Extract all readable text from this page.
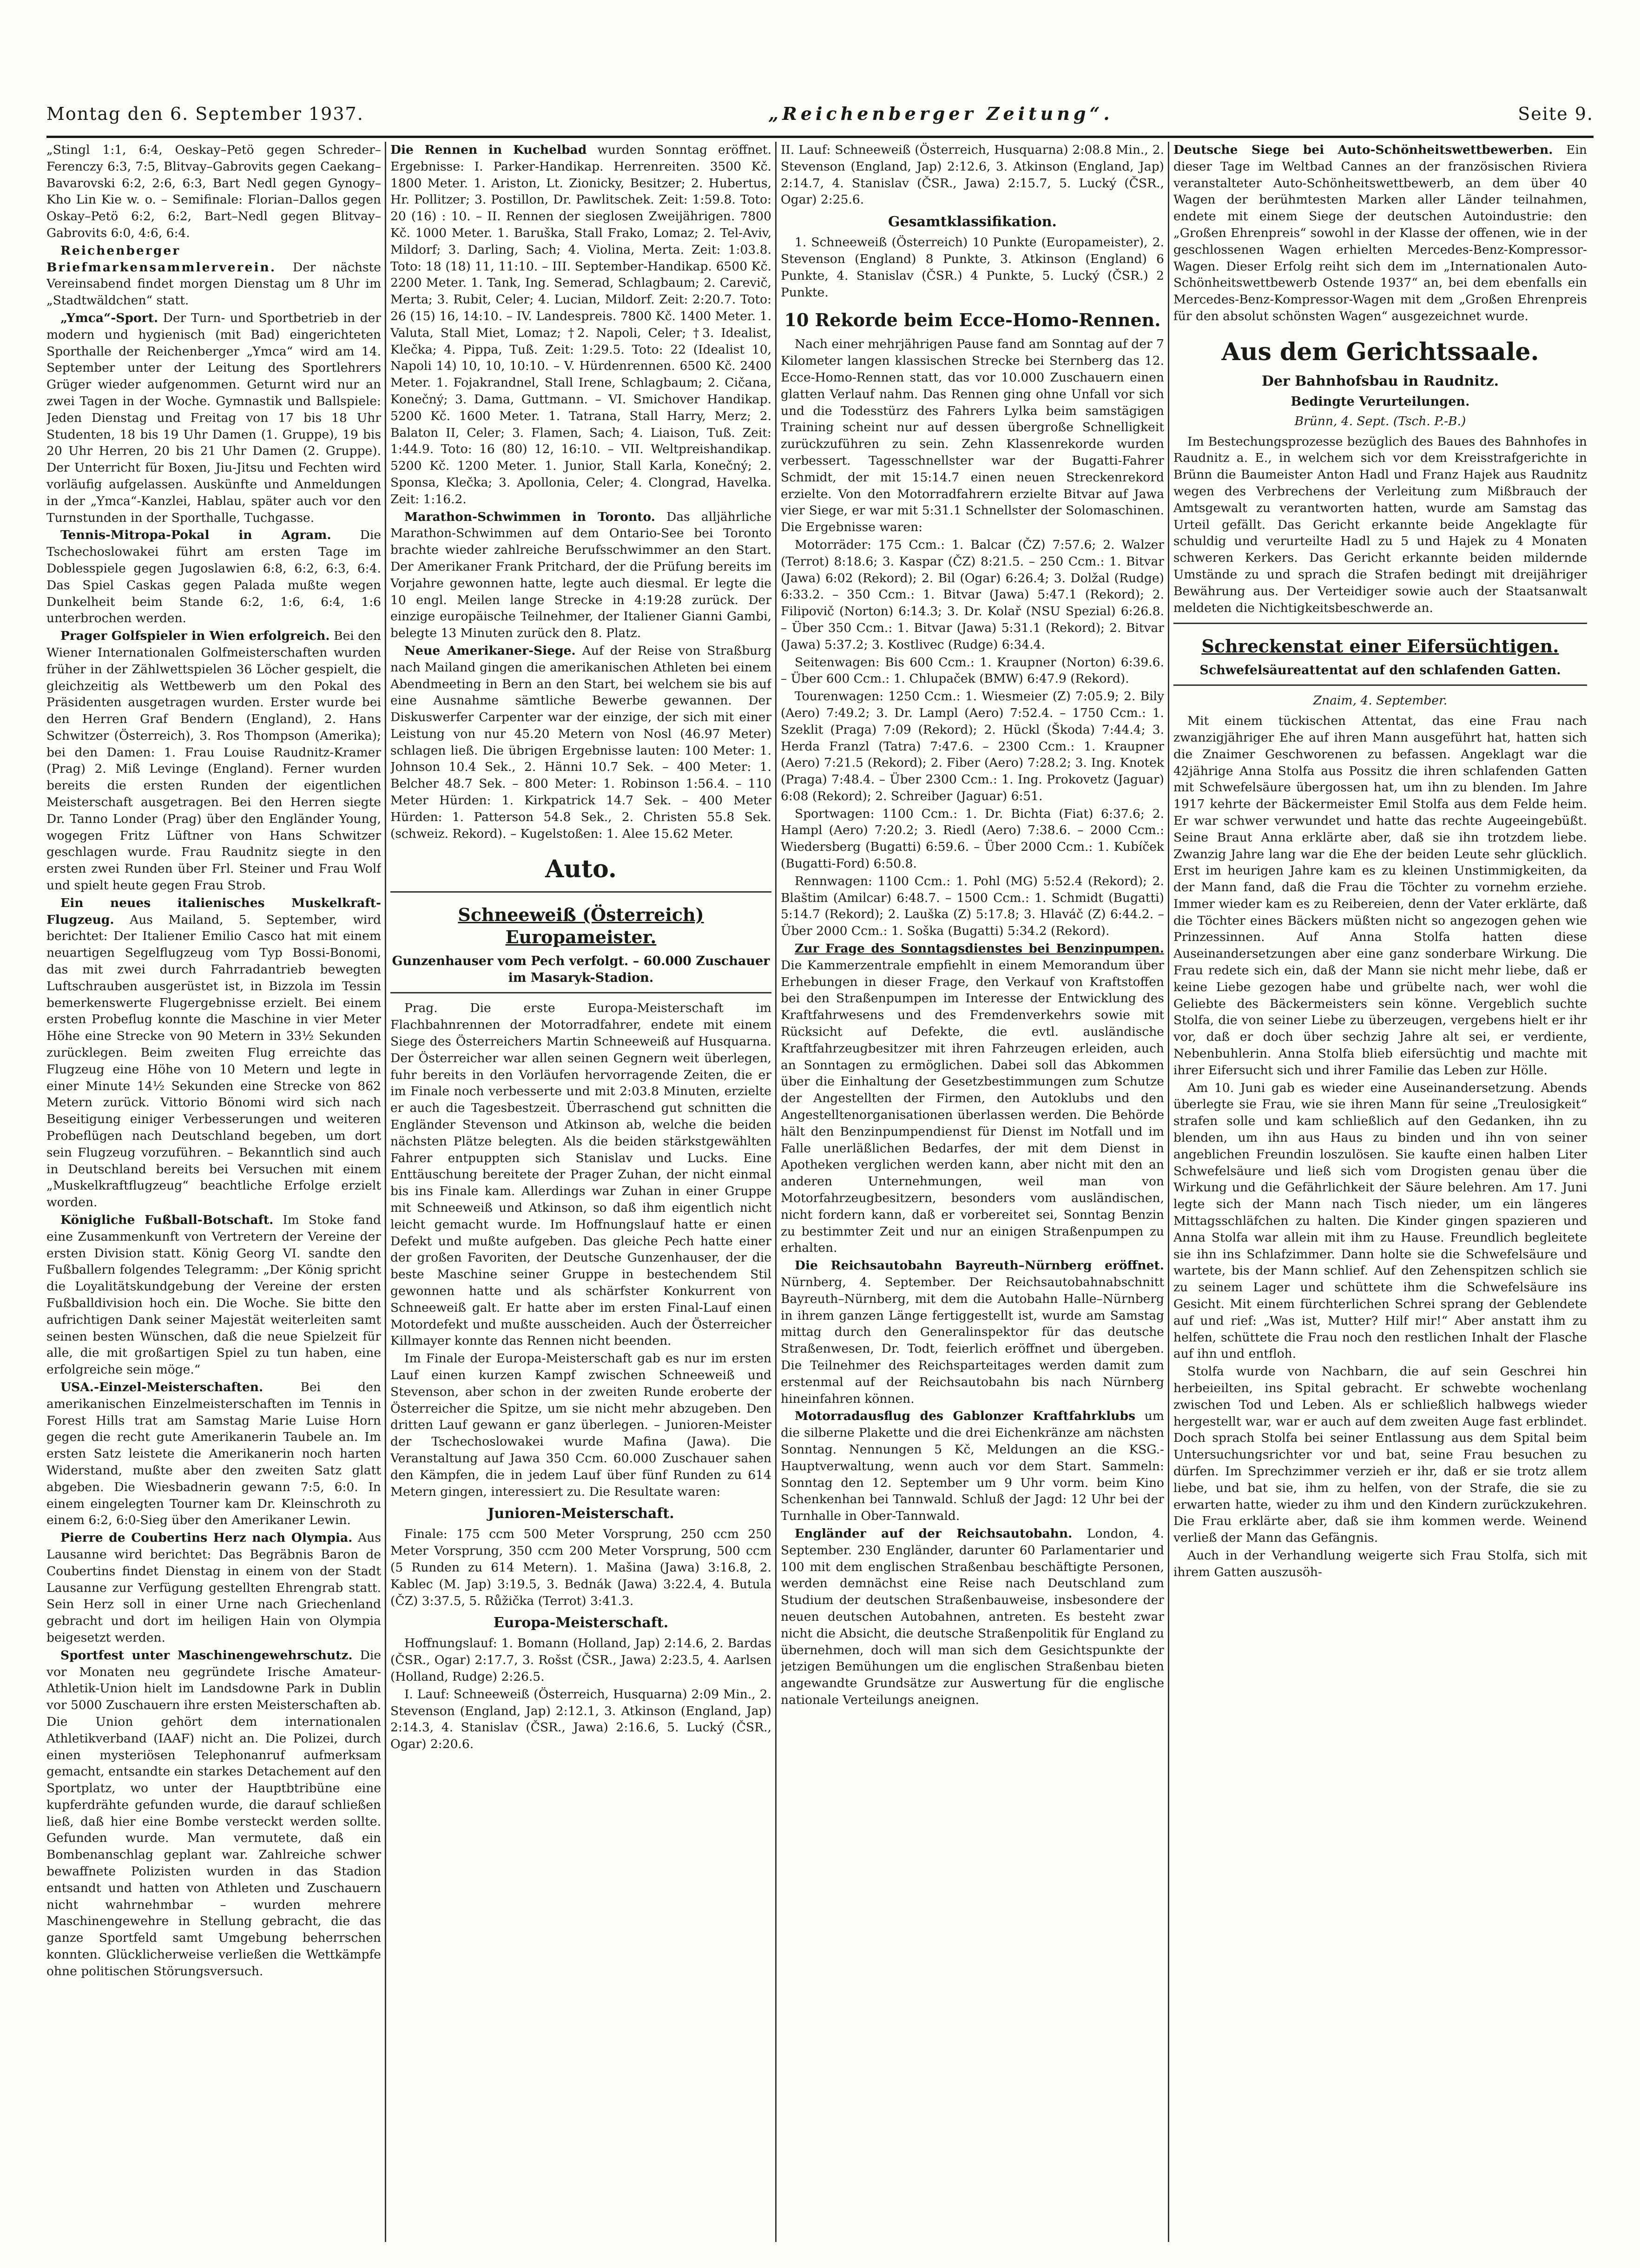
Montag den 6. September 1937.	„Reichenberger Zeitung“.	Seite 9.

„Stingl 1:1, 6:4, Oeskay–Petö gegen Schreder–Ferenczy 6:3, 7:5, Blitvay–Gabrovits gegen Caekang–Bavarovski 6:2, 2:6, 6:3, Bart Nedl gegen Gynogy–Kho Lin Kie w. o. – Semifinale: Florian–Dallos gegen Oskay–Petö 6:2, 6:2, Bart–Nedl gegen Blitvay–Gabrovits 6:0, 4:6, 6:4.

Reichenberger Briefmarkensammlerverein. Der nächste Vereinsabend findet morgen Dienstag um 8 Uhr im „Stadtwäldchen“ statt.

„Ymca“-Sport. Der Turn- und Sportbetrieb in der modern und hygienisch (mit Bad) eingerichteten Sporthalle der Reichenberger „Ymca“ wird am 14. September unter der Leitung des Sportlehrers Grüger wieder aufgenommen. Geturnt wird nur an zwei Tagen in der Woche. Gymnastik und Ballspiele: Jeden Dienstag und Freitag von 17 bis 18 Uhr Studenten, 18 bis 19 Uhr Damen (1. Gruppe), 19 bis 20 Uhr Herren, 20 bis 21 Uhr Damen (2. Gruppe). Der Unterricht für Boxen, Jiu-Jitsu und Fechten wird vorläufig aufgelassen. Auskünfte und Anmeldungen in der „Ymca“-Kanzlei, Hablau, später auch vor den Turnstunden in der Sporthalle, Tuchgasse.

Tennis-Mitropa-Pokal in Agram. Die Tschechoslowakei führt am ersten Tage im Doblesspiele gegen Jugoslawien 6:8, 6:2, 6:3, 6:4. Das Spiel Caskas gegen Palada mußte wegen Dunkelheit beim Stande 6:2, 1:6, 6:4, 1:6 unterbrochen werden.

Prager Golfspieler in Wien erfolgreich. Bei den Wiener Internationalen Golfmeisterschaften wurden früher in der Zählwettspielen 36 Löcher gespielt, die gleichzeitig als Wettbewerb um den Pokal des Präsidenten ausgetragen wurden. Erster wurde bei den Herren Graf Bendern (England), 2. Hans Schwitzer (Österreich), 3. Ros Thompson (Amerika); bei den Damen: 1. Frau Louise Raudnitz-Kramer (Prag) 2. Miß Levinge (England). Ferner wurden bereits die ersten Runden der eigentlichen Meisterschaft ausgetragen. Bei den Herren siegte Dr. Tanno Londer (Prag) über den Engländer Young, wogegen Fritz Lüftner von Hans Schwitzer geschlagen wurde. Frau Raudnitz siegte in den ersten zwei Runden über Frl. Steiner und Frau Wolf und spielt heute gegen Frau Strob.

Ein neues italienisches Muskelkraft-Flugzeug. Aus Mailand, 5. September, wird berichtet: Der Italiener Emilio Casco hat mit einem neuartigen Segelflugzeug vom Typ Bossi-Bonomi, das mit zwei durch Fahrradantrieb bewegten Luftschrauben ausgerüstet ist, in Bizzola im Tessin bemerkenswerte Flugergebnisse erzielt. Bei einem ersten Probeflug konnte die Maschine in vier Meter Höhe eine Strecke von 90 Metern in 33½ Sekunden zurücklegen. Beim zweiten Flug erreichte das Flugzeug eine Höhe von 10 Metern und legte in einer Minute 14½ Sekunden eine Strecke von 862 Metern zurück. Vittorio Bönomi wird sich nach Beseitigung einiger Verbesserungen und weiteren Probeflügen nach Deutschland begeben, um dort sein Flugzeug vorzuführen. – Bekanntlich sind auch in Deutschland bereits bei Versuchen mit einem „Muskelkraftflugzeug“ beachtliche Erfolge erzielt worden.

Königliche Fußball-Botschaft. Im Stoke fand eine Zusammenkunft von Vertretern der Vereine der ersten Division statt. König Georg VI. sandte den Fußballern folgendes Telegramm: „Der König spricht die Loyalitätskundgebung der Vereine der ersten Fußballdivision hoch ein. Die Woche. Sie bitte den aufrichtigen Dank seiner Majestät weiterleiten samt seinen besten Wünschen, daß die neue Spielzeit für alle, die mit großartigen Spiel zu tun haben, eine erfolgreiche sein möge.“

USA.-Einzel-Meisterschaften.	Bei den amerikanischen Einzelmeisterschaften im Tennis in Forest Hills trat am Samstag Marie Luise Horn gegen die recht gute Amerikanerin Taubele an. Im ersten Satz leistete die Amerikanerin noch harten Widerstand, mußte aber den zweiten Satz glatt abgeben. Die Wiesbadnerin gewann 7:5, 6:0. In einem eingelegten Tourner kam Dr. Kleinschroth zu einem 6:2, 6:0-Sieg über den Amerikaner Lewin.

Pierre de Coubertins Herz nach Olympia. Aus Lausanne wird berichtet: Das Begräbnis Baron de Coubertins findet Dienstag in einem von der Stadt Lausanne zur Verfügung gestellten Ehrengrab statt. Sein Herz soll in einer Urne nach Griechenland gebracht und dort im heiligen Hain von Olympia beigesetzt werden.

Sportfest unter Maschinengewehrschutz. Die vor Monaten neu gegründete Irische Amateur-Athletik-Union hielt im Landsdowne Park in Dublin vor 5000 Zuschauern ihre ersten Meisterschaften ab. Die Union gehört dem internationalen Athletikverband (IAAF) nicht an. Die Polizei, durch einen mysteriösen Telephonanruf aufmerksam gemacht, entsandte ein starkes Detachement auf den Sportplatz, wo unter der Hauptbtribüne eine kupferdrähte gefunden wurde, die darauf schließen ließ, daß hier eine Bombe versteckt werden sollte. Gefunden wurde. Man vermutete, daß ein Bombenanschlag geplant war. Zahlreiche schwer bewaffnete Polizisten wurden in das Stadion entsandt und hatten von Athleten und Zuschauern nicht wahrnehmbar – wurden mehrere Maschinengewehre in Stellung gebracht, die das ganze Sportfeld samt Umgebung beherrschen konnten. Glücklicherweise verließen die Wettkämpfe ohne politischen Störungsversuch.

Die Rennen in Kuchelbad wurden Sonntag eröffnet. Ergebnisse: I. Parker-Handikap. Herrenreiten. 3500 Kč. 1800 Meter. 1. Ariston, Lt. Zionicky, Besitzer; 2. Hubertus, Hr. Pollitzer; 3. Postillon, Dr. Pawlitschek. Zeit: 1:59.8. Toto: 20 (16) : 10. – II. Rennen der sieglosen Zweijährigen. 7800 Kč. 1000 Meter. 1. Baruška, Stall Frako, Lomaz; 2. Tel-Aviv, Mildorf; 3. Darling, Sach; 4. Violina, Merta. Zeit: 1:03.8. Toto: 18 (18) 11, 11:10. – III. September-Handikap. 6500 Kč. 2200 Meter. 1. Tank, Ing. Semerad, Schlagbaum; 2. Carevič, Merta; 3. Rubit, Celer; 4. Lucian, Mildorf. Zeit: 2:20.7. Toto: 26 (15) 16, 14:10. – IV. Landespreis. 7800 Kč. 1400 Meter. 1. Valuta, Stall Miet, Lomaz; †2. Napoli, Celer; †3. Idealist, Klečka; 4. Pippa, Tuß. Zeit: 1:29.5. Toto: 22 (Idealist 10, Napoli 14) 10, 10, 10:10. – V. Hürdenrennen. 6500 Kč. 2400 Meter. 1. Fojakrandnel, Stall Irene, Schlagbaum; 2. Cičana, Konečný; 3. Dama, Guttmann. – VI. Smichover Handikap. 5200 Kč. 1600 Meter. 1. Tatrana, Stall Harry, Merz; 2. Balaton II, Celer; 3. Flamen, Sach; 4. Liaison, Tuß. Zeit: 1:44.9. Toto: 16 (80) 12, 16:10. – VII. Weltpreishandikap. 5200 Kč. 1200 Meter. 1. Junior, Stall Karla, Konečný; 2. Sponsa, Klečka; 3. Apollonia, Celer; 4. Clongrad, Havelka. Zeit: 1:16.2.

Marathon-Schwimmen in Toronto. Das alljährliche Marathon-Schwimmen auf dem Ontario-See bei Toronto brachte wieder zahlreiche Berufsschwimmer an den Start. Der Amerikaner Frank Pritchard, der die Prüfung bereits im Vorjahre gewonnen hatte, legte auch diesmal. Er legte die 10 engl. Meilen lange Strecke in 4:19:28 zurück. Der einzige europäische Teilnehmer, der Italiener Gianni Gambi, belegte 13 Minuten zurück den 8. Platz.

Neue Amerikaner-Siege. Auf der Reise von Straßburg nach Mailand gingen die amerikanischen Athleten bei einem Abendmeeting in Bern an den Start, bei welchem sie bis auf eine Ausnahme sämtliche Bewerbe gewannen. Der Diskuswerfer Carpenter war der einzige, der sich mit einer Leistung von nur 45.20 Metern von Nosl (46.97 Meter) schlagen ließ. Die übrigen Ergebnisse lauten: 100 Meter: 1. Johnson 10.4 Sek., 2. Hänni 10.7 Sek. – 400 Meter: 1. Belcher 48.7 Sek. – 800 Meter: 1. Robinson 1:56.4. – 110 Meter Hürden: 1. Kirkpatrick 14.7 Sek. – 400 Meter Hürden: 1. Patterson 54.8 Sek., 2. Christen 55.8 Sek. (schweiz. Rekord). – Kugelstoßen: 1. Alee 15.62 Meter.

Auto.
Schneeweiß (Österreich) Europameister.
Gunzenhauser vom Pech verfolgt. – 60.000 Zuschauer im Masaryk-Stadion.

Prag. Die erste Europa-Meisterschaft im Flachbahnrennen der Motorradfahrer, endete mit einem Siege des Österreichers Martin Schneeweiß auf Husquarna. Der Österreicher war allen seinen Gegnern weit überlegen, fuhr bereits in den Vorläufen hervorragende Zeiten, die er im Finale noch verbesserte und mit 2:03.8 Minuten, erzielte er auch die Tagesbestzeit. Überraschend gut schnitten die Engländer Stevenson und Atkinson ab, welche die beiden nächsten Plätze belegten. Als die beiden stärkstgewählten Fahrer entpuppten sich Stanislav und Lucks. Eine Enttäuschung bereitete der Prager Zuhan, der nicht einmal bis ins Finale kam. Allerdings war Zuhan in einer Gruppe mit Schneeweiß und Atkinson, so daß ihm eigentlich nicht leicht gemacht wurde. Im Hoffnungslauf hatte er einen Defekt und mußte aufgeben. Das gleiche Pech hatte einer der großen Favoriten, der Deutsche Gunzenhauser, der die beste Maschine seiner Gruppe in bestechendem Stil gewonnen hatte und als schärfster Konkurrent von Schneeweiß galt. Er hatte aber im ersten Final-Lauf einen Motordefekt und mußte ausscheiden. Auch der Österreicher Killmayer konnte das Rennen nicht beenden.

Im Finale der Europa-Meisterschaft gab es nur im ersten Lauf einen kurzen Kampf zwischen Schneeweiß und Stevenson, aber schon in der zweiten Runde eroberte der Österreicher die Spitze, um sie nicht mehr abzugeben. Den dritten Lauf gewann er ganz überlegen. – Junioren-Meister der Tschechoslowakei wurde Mafina (Jawa). Die Veranstaltung auf Jawa 350 Ccm. 60.000 Zuschauer sahen den Kämpfen, die in jedem Lauf über fünf Runden zu 614 Metern gingen, interessiert zu. Die Resultate waren:

Junioren-Meisterschaft.

Finale: 175 ccm 500 Meter Vorsprung, 250 ccm 250 Meter Vorsprung, 350 ccm 200 Meter Vorsprung, 500 ccm (5 Runden zu 614 Metern). 1. Mašina (Jawa) 3:16.8, 2. Kablec (M. Jap) 3:19.5, 3. Bednák (Jawa) 3:22.4, 4. Butula (ČZ) 3:37.5, 5. Růžička (Terrot) 3:41.3.

Europa-Meisterschaft.

Hoffnungslauf: 1. Bomann (Holland, Jap) 2:14.6, 2. Bardas (ČSR., Ogar) 2:17.7, 3. Rošst (ČSR., Jawa) 2:23.5, 4. Aarlsen (Holland, Rudge) 2:26.5.

I. Lauf: Schneeweiß (Österreich, Husquarna) 2:09 Min., 2. Stevenson (England, Jap) 2:12.1, 3. Atkinson (England, Jap) 2:14.3, 4. Stanislav (ČSR., Jawa) 2:16.6, 5. Lucký (ČSR., Ogar) 2:20.6.

II. Lauf: Schneeweiß (Österreich, Husquarna) 2:08.8 Min., 2. Stevenson (England, Jap) 2:12.6, 3. Atkinson (England, Jap) 2:14.7, 4. Stanislav (ČSR., Jawa) 2:15.7, 5. Lucký (ČSR., Ogar) 2:25.6.

Gesamtklassifikation.

1. Schneeweiß (Österreich) 10 Punkte (Europameister), 2. Stevenson (England) 8 Punkte, 3. Atkinson (England) 6 Punkte, 4. Stanislav (ČSR.) 4 Punkte, 5. Lucký (ČSR.) 2 Punkte.

10 Rekorde beim Ecce-Homo-Rennen.

Nach einer mehrjährigen Pause fand am Sonntag auf der 7 Kilometer langen klassischen Strecke bei Sternberg das 12. Ecce-Homo-Rennen statt, das vor 10.000 Zuschauern einen glatten Verlauf nahm. Das Rennen ging ohne Unfall vor sich und die Todesstürz des Fahrers Lylka beim samstägigen Training scheint nur auf dessen übergroße Schnelligkeit zurückzuführen zu sein. Zehn Klassenrekorde wurden verbessert. Tagesschnellster war der Bugatti-Fahrer Schmidt, der mit 15:14.7 einen neuen Streckenrekord erzielte. Von den Motorradfahrern erzielte Bitvar auf Jawa vier Siege, er war mit 5:31.1 Schnellster der Solomaschinen. Die Ergebnisse waren:

Motorräder: 175 Ccm.: 1. Balcar (ČZ) 7:57.6; 2. Walzer (Terrot) 8:18.6; 3. Kaspar (ČZ) 8:21.5. – 250 Ccm.: 1. Bitvar (Jawa) 6:02 (Rekord); 2. Bil (Ogar) 6:26.4; 3. Dolžal (Rudge) 6:33.2. – 350 Ccm.: 1. Bitvar (Jawa) 5:47.1 (Rekord); 2. Filipovič (Norton) 6:14.3; 3. Dr. Kolař (NSU Spezial) 6:26.8. – Über 350 Ccm.: 1. Bitvar (Jawa) 5:31.1 (Rekord); 2. Bitvar (Jawa) 5:37.2; 3. Kostlivec (Rudge) 6:34.4.

Seitenwagen: Bis 600 Ccm.: 1. Kraupner (Norton) 6:39.6. – Über 600 Ccm.: 1. Chlupaček (BMW) 6:47.9 (Rekord).

Tourenwagen: 1250 Ccm.: 1. Wiesmeier (Z) 7:05.9; 2. Bily (Aero) 7:49.2; 3. Dr. Lampl (Aero) 7:52.4. – 1750 Ccm.: 1. Szeklit (Praga) 7:09 (Rekord); 2. Hückl (Škoda) 7:44.4; 3. Herda Franzl (Tatra) 7:47.6. – 2300 Ccm.: 1. Kraupner (Aero) 7:21.5 (Rekord); 2. Fiber (Aero) 7:28.2; 3. Ing. Knotek (Praga) 7:48.4. – Über 2300 Ccm.: 1. Ing. Prokovetz (Jaguar) 6:08 (Rekord); 2. Schreiber (Jaguar) 6:51.

Sportwagen: 1100 Ccm.: 1. Dr. Bichta (Fiat) 6:37.6; 2. Hampl (Aero) 7:20.2; 3. Riedl (Aero) 7:38.6. – 2000 Ccm.: Wiedersberg (Bugatti) 6:59.6. – Über 2000 Ccm.: 1. Kubíček (Bugatti-Ford) 6:50.8.

Rennwagen: 1100 Ccm.: 1. Pohl (MG) 5:52.4 (Rekord); 2. Blaštim (Amilcar) 6:48.7. – 1500 Ccm.: 1. Schmidt (Bugatti) 5:14.7 (Rekord); 2. Lauška (Z) 5:17.8; 3. Hlaváč (Z) 6:44.2. – Über 2000 Ccm.: 1. Soška (Bugatti) 5:34.2 (Rekord).

Zur Frage des Sonntagsdienstes bei Benzinpumpen. Die Kammerzentrale empfiehlt in einem Memorandum über Erhebungen in dieser Frage, den Verkauf von Kraftstoffen bei den Straßenpumpen im Interesse der Entwicklung des Kraftfahrwesens und des Fremdenverkehrs sowie mit Rücksicht auf Defekte, die evtl. ausländische Kraftfahrzeugbesitzer mit ihren Fahrzeugen erleiden, auch an Sonntagen zu ermöglichen. Dabei soll das Abkommen über die Einhaltung der Gesetzbestimmungen zum Schutze der Angestellten der Firmen, den Autoklubs und den Angestelltenorganisationen überlassen werden. Die Behörde hält den Benzinpumpendienst für Dienst im Notfall und im Falle unerläßlichen Bedarfes, der mit dem Dienst in Apotheken verglichen werden kann, aber nicht mit den an anderen Unternehmungen, weil man von Motorfahrzeugbesitzern, besonders vom ausländischen, nicht fordern kann, daß er vorbereitet sei, Sonntag Benzin zu bestimmter Zeit und nur an einigen Straßenpumpen zu erhalten.

Die Reichsautobahn Bayreuth–Nürnberg eröffnet. Nürnberg, 4. September. Der Reichsautobahnabschnitt Bayreuth–Nürnberg, mit dem die Autobahn Halle–Nürnberg in ihrem ganzen Länge fertiggestellt ist, wurde am Samstag mittag durch den Generalinspektor für das deutsche Straßenwesen, Dr. Todt, feierlich eröffnet und übergeben. Die Teilnehmer des Reichsparteitages werden damit zum erstenmal auf der Reichsautobahn bis nach Nürnberg hineinfahren können.

Motorradausflug des Gablonzer Kraftfahrklubs um die silberne Plakette und die drei Eichenkränze am nächsten Sonntag. Nennungen 5 Kč, Meldungen an die KSG.-Hauptverwaltung, wenn auch vor dem Start. Sammeln: Sonntag den 12. September um 9 Uhr vorm. beim Kino Schenkenhan bei Tannwald. Schluß der Jagd: 12 Uhr bei der Turnhalle in Ober-Tannwald.

Engländer auf der Reichsautobahn. London, 4. September. 230 Engländer, darunter 60 Parlamentarier und 100 mit dem englischen Straßenbau beschäftigte Personen, werden demnächst eine Reise nach Deutschland zum Studium der deutschen Straßenbauweise, insbesondere der neuen deutschen Autobahnen, antreten. Es besteht zwar nicht die Absicht, die deutsche Straßenpolitik für England zu übernehmen, doch will man sich dem Gesichtspunkte der jetzigen Bemühungen um die englischen Straßenbau bieten angewandte Grundsätze zur Auswertung für die englische nationale Verteilungs aneignen.

Deutsche Siege bei Auto-Schönheitswettbewerben. Ein dieser Tage im Weltbad Cannes an der französischen Riviera veranstalteter Auto-Schönheitswettbewerb, an dem über 40 Wagen der berühmtesten Marken aller Länder teilnahmen, endete mit einem Siege der deutschen Autoindustrie: den „Großen Ehrenpreis“ sowohl in der Klasse der offenen, wie in der geschlossenen Wagen erhielten Mercedes-Benz-Kompressor-Wagen. Dieser Erfolg reiht sich dem im „Internationalen Auto-Schönheitswettbewerb Ostende 1937“ an, bei dem ebenfalls ein Mercedes-Benz-Kompressor-Wagen mit dem „Großen Ehrenpreis für den absolut schönsten Wagen“ ausgezeichnet wurde.

Aus dem Gerichtssaale.
Der Bahnhofsbau in Raudnitz.
Bedingte Verurteilungen.
Brünn, 4. Sept. (Tsch. P.-B.)

Im Bestechungsprozesse bezüglich des Baues des Bahnhofes in Raudnitz a. E., in welchem sich vor dem Kreisstrafgerichte in Brünn die Baumeister Anton Hadl und Franz Hajek aus Raudnitz wegen des Verbrechens der Verleitung zum Mißbrauch der Amtsgewalt zu verantworten hatten, wurde am Samstag das Urteil gefällt. Das Gericht erkannte beide Angeklagte für schuldig und verurteilte Hadl zu 5 und Hajek zu 4 Monaten schweren Kerkers. Das Gericht erkannte beiden mildernde Umstände zu und sprach die Strafen bedingt mit dreijähriger Bewährung aus. Der Verteidiger sowie auch der Staatsanwalt meldeten die Nichtigkeitsbeschwerde an.

Schreckenstat einer Eifersüchtigen.
Schwefelsäureattentat auf den schlafenden Gatten.
Znaim, 4. September.

Mit einem tückischen Attentat, das eine Frau nach zwanzigjähriger Ehe auf ihren Mann ausgeführt hat, hatten sich die Znaimer Geschworenen zu befassen. Angeklagt war die 42jährige Anna Stolfa aus Possitz die ihren schlafenden Gatten mit Schwefelsäure übergossen hat, um ihn zu blenden. Im Jahre 1917 kehrte der Bäckermeister Emil Stolfa aus dem Felde heim. Er war schwer verwundet und hatte das rechte Augeeingebüßt. Seine Braut Anna erklärte aber, daß sie ihn trotzdem liebe. Zwanzig Jahre lang war die Ehe der beiden Leute sehr glücklich. Erst im heurigen Jahre kam es zu kleinen Unstimmigkeiten, da der Mann fand, daß die Frau die Töchter zu vornehm erziehe. Immer wieder kam es zu Reibereien, denn der Vater erklärte, daß die Töchter eines Bäckers müßten nicht so angezogen gehen wie Prinzessinnen. Auf Anna Stolfa hatten diese Auseinandersetzungen aber eine ganz sonderbare Wirkung. Die Frau redete sich ein, daß der Mann sie nicht mehr liebe, daß er keine Liebe gezogen habe und grübelte nach, wer wohl die Geliebte des Bäckermeisters sein könne. Vergeblich suchte Stolfa, die von seiner Liebe zu überzeugen, vergebens hielt er ihr vor, daß er doch über sechzig Jahre alt sei, er verdiente, Nebenbuhlerin. Anna Stolfa blieb eifersüchtig und machte mit ihrer Eifersucht sich und ihrer Familie das Leben zur Hölle.

Am 10. Juni gab es wieder eine Auseinandersetzung. Abends überlegte sie Frau, wie sie ihren Mann für seine „Treulosigkeit“ strafen solle und kam schließlich auf den Gedanken, ihn zu blenden, um ihn aus Haus zu binden und ihn von seiner angeblichen Freundin loszulösen. Sie kaufte einen halben Liter Schwefelsäure und ließ sich vom Drogisten genau über die Wirkung und die Gefährlichkeit der Säure belehren. Am 17. Juni legte sich der Mann nach Tisch nieder, um ein längeres Mittagsschläfchen zu halten. Die Kinder gingen spazieren und Anna Stolfa war allein mit ihm zu Hause. Freundlich begleitete sie ihn ins Schlafzimmer. Dann holte sie die Schwefelsäure und wartete, bis der Mann schlief. Auf den Zehenspitzen schlich sie zu seinem Lager und schüttete ihm die Schwefelsäure ins Gesicht. Mit einem fürchterlichen Schrei sprang der Geblendete auf und rief: „Was ist, Mutter? Hilf mir!“ Aber anstatt ihm zu helfen, schüttete die Frau noch den restlichen Inhalt der Flasche auf ihn und entfloh.

Stolfa wurde von Nachbarn, die auf sein Geschrei hin herbeieilten, ins Spital gebracht. Er schwebte wochenlang zwischen Tod und Leben. Als er schließlich halbwegs wieder hergestellt war, war er auch auf dem zweiten Auge fast erblindet. Doch sprach Stolfa bei seiner Entlassung aus dem Spital beim Untersuchungsrichter vor und bat, seine Frau besuchen zu dürfen. Im Sprechzimmer verzieh er ihr, daß er sie trotz allem liebe, und bat sie, ihm zu helfen, von der Strafe, die sie zu erwarten hatte, wieder zu ihm und den Kindern zurückzukehren. Die Frau erklärte aber, daß sie ihm kommen werde. Weinend verließ der Mann das Gefängnis.

Auch in der Verhandlung weigerte sich Frau Stolfa, sich mit ihrem Gatten auszusöh-
